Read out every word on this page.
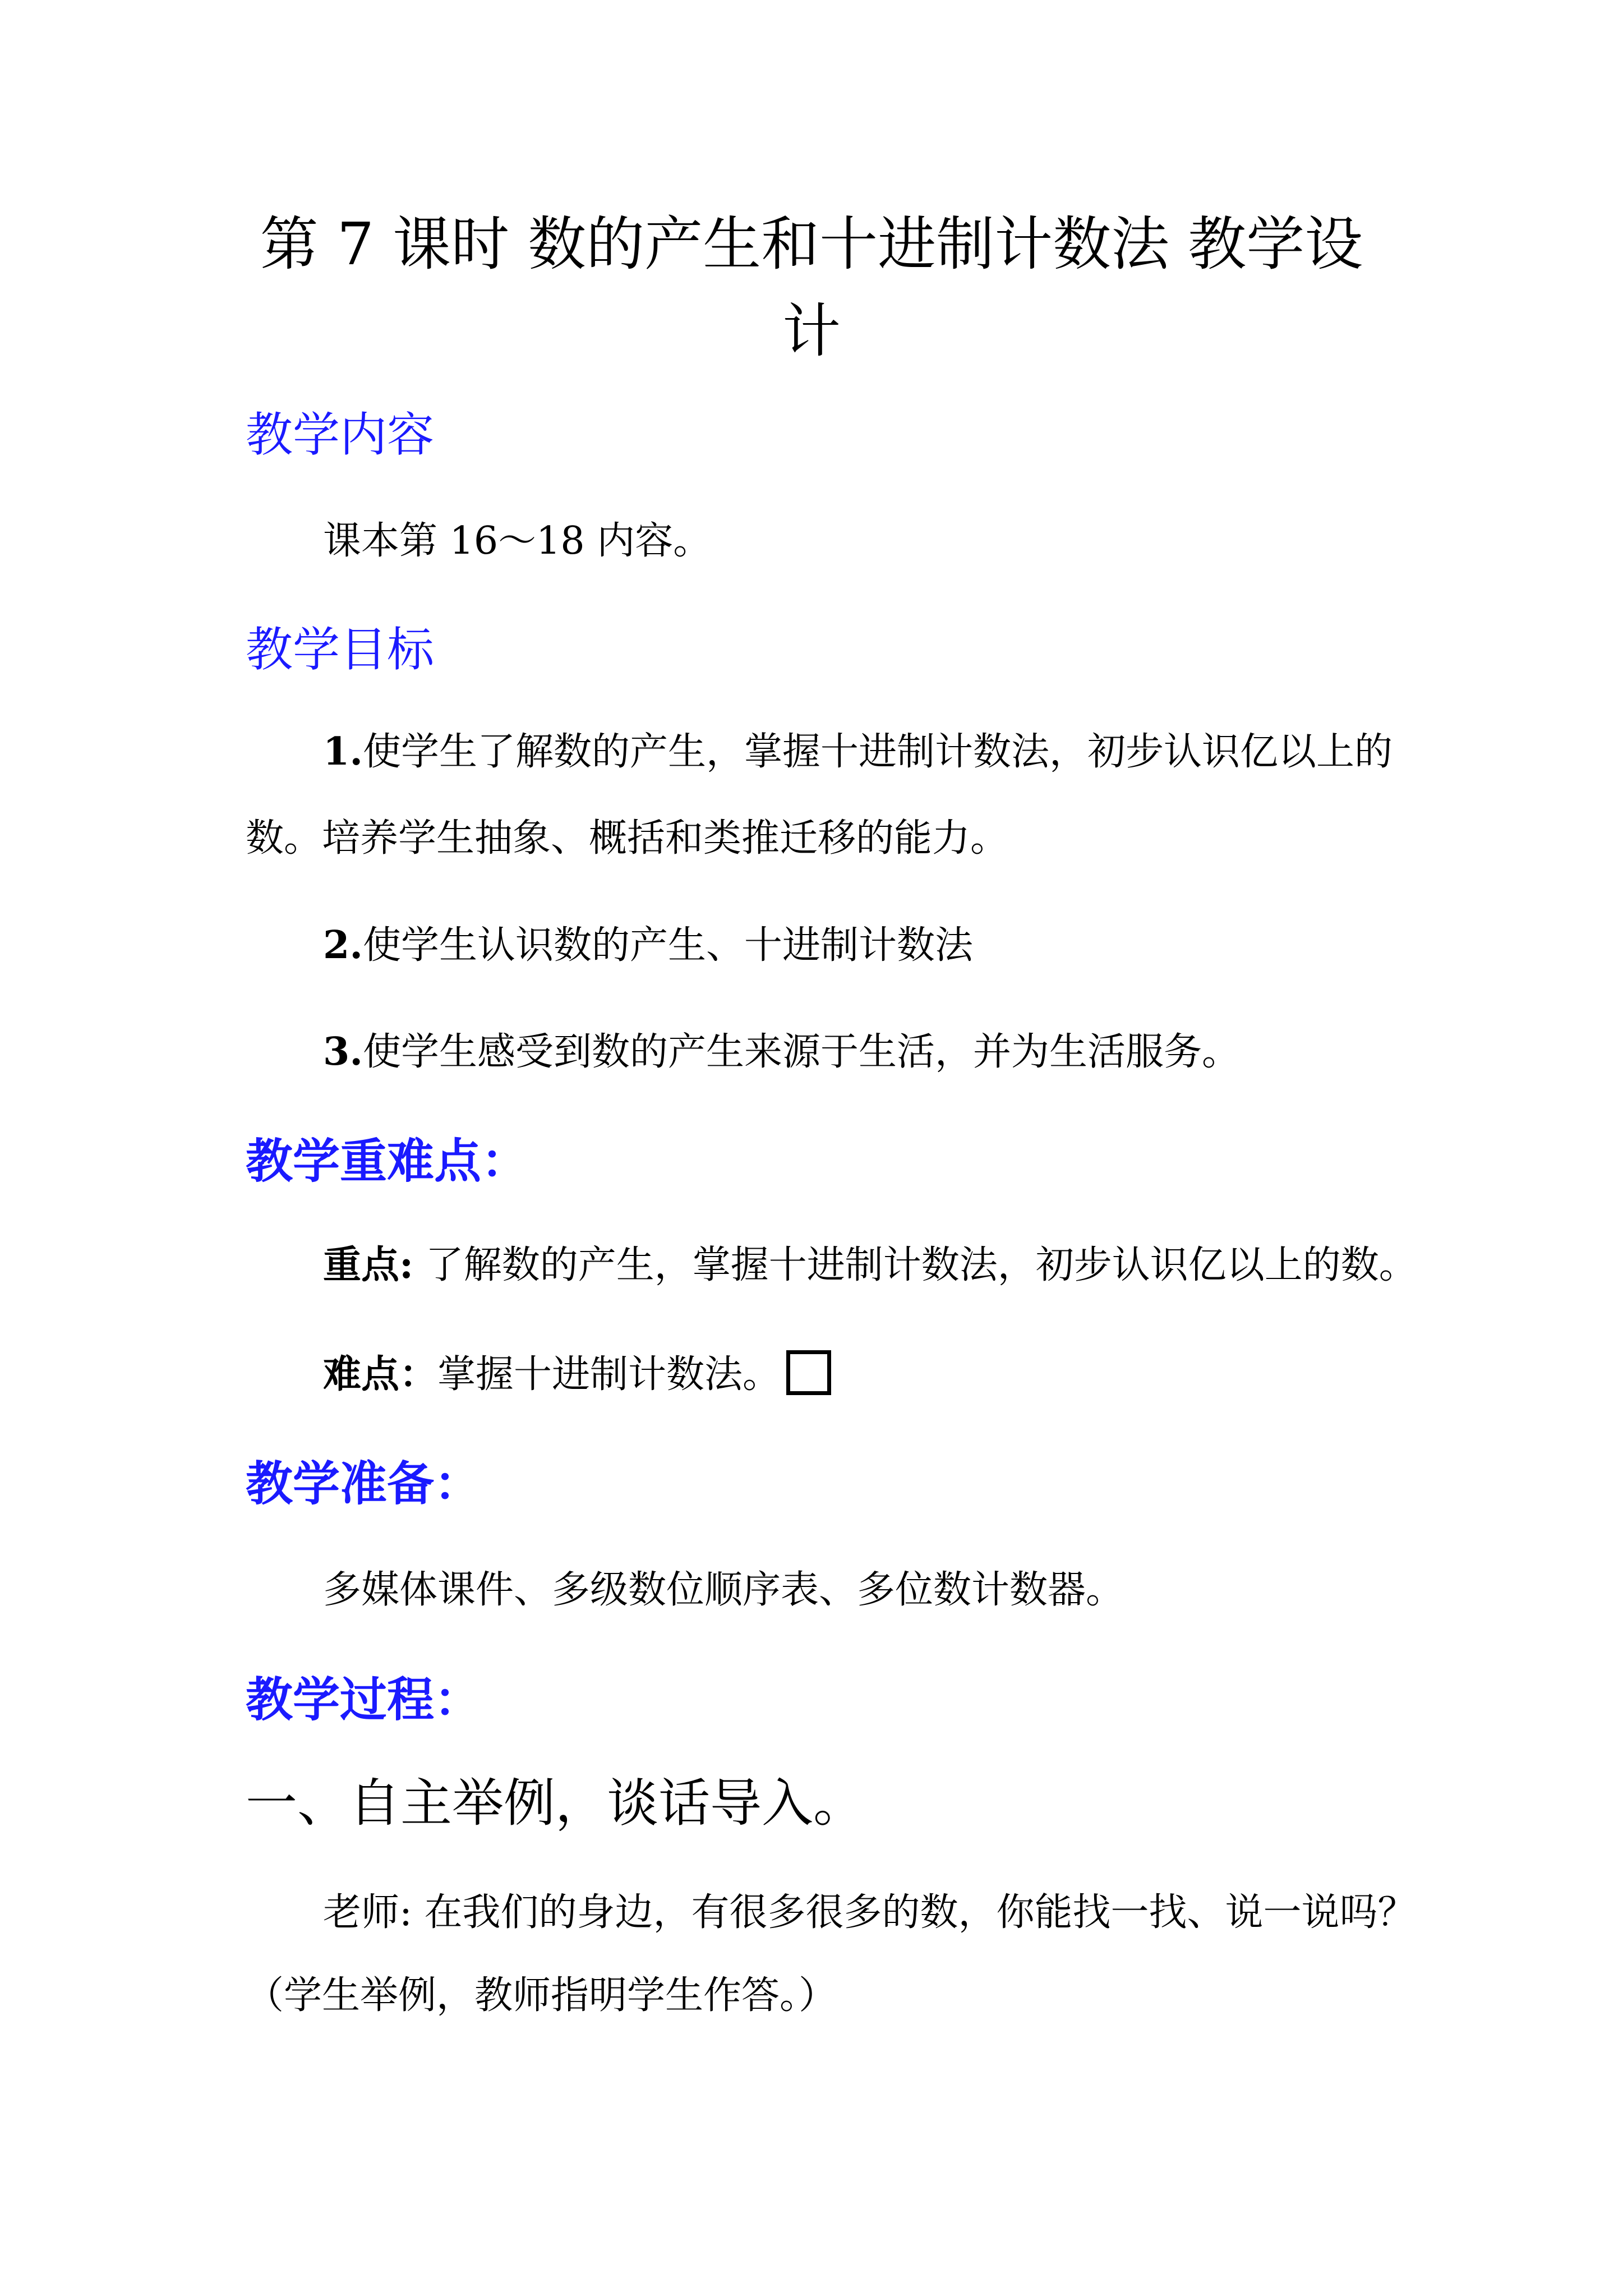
第 7 课时 数的产生和十进制计数法 教学设
计
教学内容

课本第 16～18 内容。

教学目标

1.使学生了解数的产生，掌握十进制计数法，初步认识亿以上的

数。培养学生抽象、概括和类推迁移的能力。

2.使学生认识数的产生、十进制计数法

3.使学生感受到数的产生来源于生活，并为生活服务。

教学重难点：

重点: 了解数的产生，掌握十进制计数法，初步认识亿以上的数。

难点：掌握十进制计数法。

教学准备：

多媒体课件、多级数位顺序表、多位数计数器。

教学过程：
一、自主举例，谈话导入。

老师: 在我们的身边，有很多很多的数，你能找一找、说一说吗？

（学生举例，教师指明学生作答。）
